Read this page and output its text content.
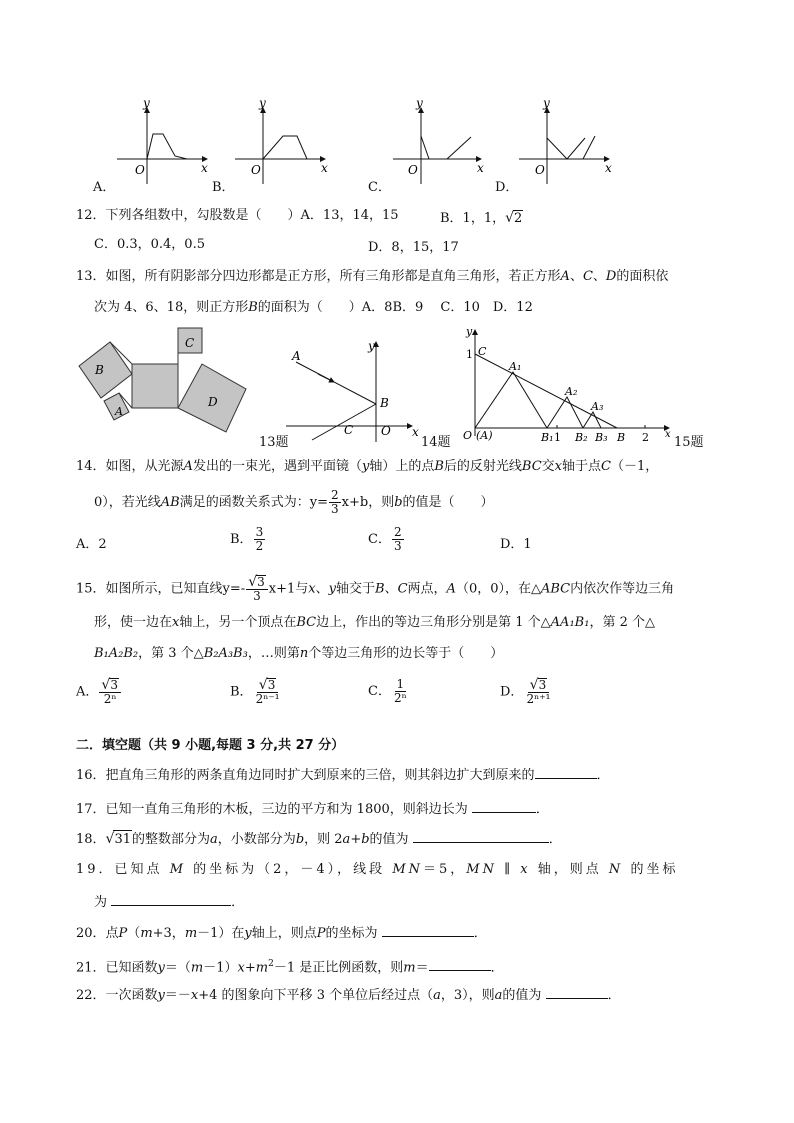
y
x
O
y
x
O
y
x
O
y
x
O
A．	B．	C．	D．
12．下列各组数中，勾股数是（　　）A．13，14，15	B．1，1，√2
C．0.3，0.4，0.5	D．8，15，17
13．如图，所有阴影部分四边形都是正方形，所有三角形都是直角三角形，若正方形A、C、D的面积依
次为 4、6、18，则正方形B的面积为（　　）A．8B．9　 C．10　D．12
B
A
C
D
13题
A
B
C O
y
x
14题
y
1 C
O (A)
A₁
A₂
A₃
B₁ 1 B₂ B₃ B 2 x
15题
14．如图，从光源A发出的一束光，遇到平面镜（y轴）上的点B后的反射光线BC交x轴于点C（－1，
0），若光线AB满足的函数关系式为：$y= \frac{2}{3} x+b$，则b的值是（　　）
A．2	B． $\frac{3}{2}$	C． $\frac{2}{3}$	D．1
15．如图所示，已知直线$y=- \frac{√3}{3} x+1$与x、y轴交于B、C两点，A（0，0），在△ABC内依次作等边三角
形，使一边在x轴上，另一个顶点在BC边上，作出的等边三角形分别是第 1 个△AA₁B₁，第 2 个△
B₁A₂B₂，第 3 个△B₂A₃B₃，…则第n个等边三角形的边长等于（　　）
A． $\frac{√3}{\text{2ⁿ}}$	B． $\frac{√3}{\text{2ⁿ⁻¹}}$	C． $\frac{1}{\text{2ⁿ}}$	D． $\frac{√3}{\text{2ⁿ⁺¹}}$
二．填空题（共 9 小题,每题 3 分,共 27 分）
16．把直角三角形的两条直角边同时扩大到原来的三倍，则其斜边扩大到原来的	．
17．已知一直角三角形的木板，三边的平方和为 1800，则斜边长为	．
18．√31的整数部分为a，小数部分为b，则 2a+b的值为	．
19．已知点 M 的坐标为（2，－4），线段 MN＝5，MN ∥ x 轴，则点 N 的坐标
为	．
20．点P（m+3，m－1）在y轴上，则点P的坐标为	．
21．已知函数$y=(m-1)x+m^2-1$ 是正比例函数，则m＝	．
22．一次函数y＝－x+4 的图象向下平移 3 个单位后经过点（a，3），则a的值为	．
